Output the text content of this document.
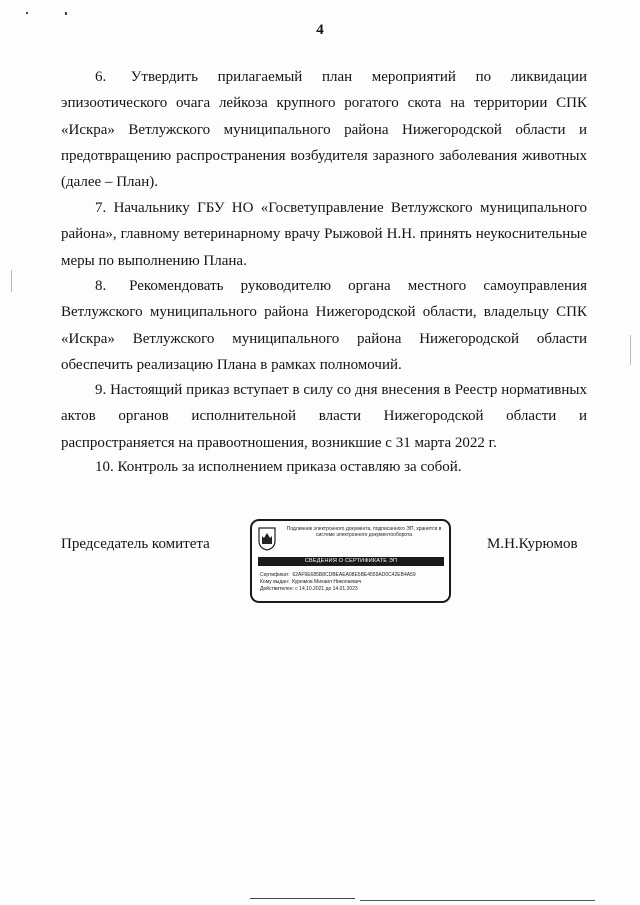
4

6.     Утвердить    прилагаемый    план    мероприятий    по    ликвидации эпизоотического очага лейкоза крупного рогатого скота на территории СПК «Искра» Ветлужского муниципального района Нижегородской области и предотвращению распространения возбудителя заразного заболевания животных (далее – План).

7. Начальнику ГБУ НО «Госветуправление Ветлужского муниципального района», главному ветеринарному врачу Рыжовой Н.Н. принять неукоснительные меры по выполнению Плана.

8.    Рекомендовать   руководителю   органа   местного   самоуправления Ветлужского муниципального района Нижегородской области, владельцу СПК «Искра» Ветлужского муниципального района Нижегородской области обеспечить реализацию Плана в рамках полномочий.

9. Настоящий приказ вступает в силу со дня внесения в Реестр нормативных актов органов исполнительной власти Нижегородской области и распространяется на правоотношения, возникшие с 31 марта 2022 г.

10. Контроль за исполнением приказа оставляю за собой.

Председатель комитета
Подлинник электронного документа, подписанного ЭП, хранится в системе электронного документооборота
СВЕДЕНИЯ О СЕРТИФИКАТЕ ЭП
Сертификат:  62AF9E685B8CDBEAEA08E5BE4559AD0C42EB4A59
Кому выдан:  Курюмов Михаил Николаевич
Действителен: с 14.10.2021 до 14.01.2023
М.Н.Курюмов
